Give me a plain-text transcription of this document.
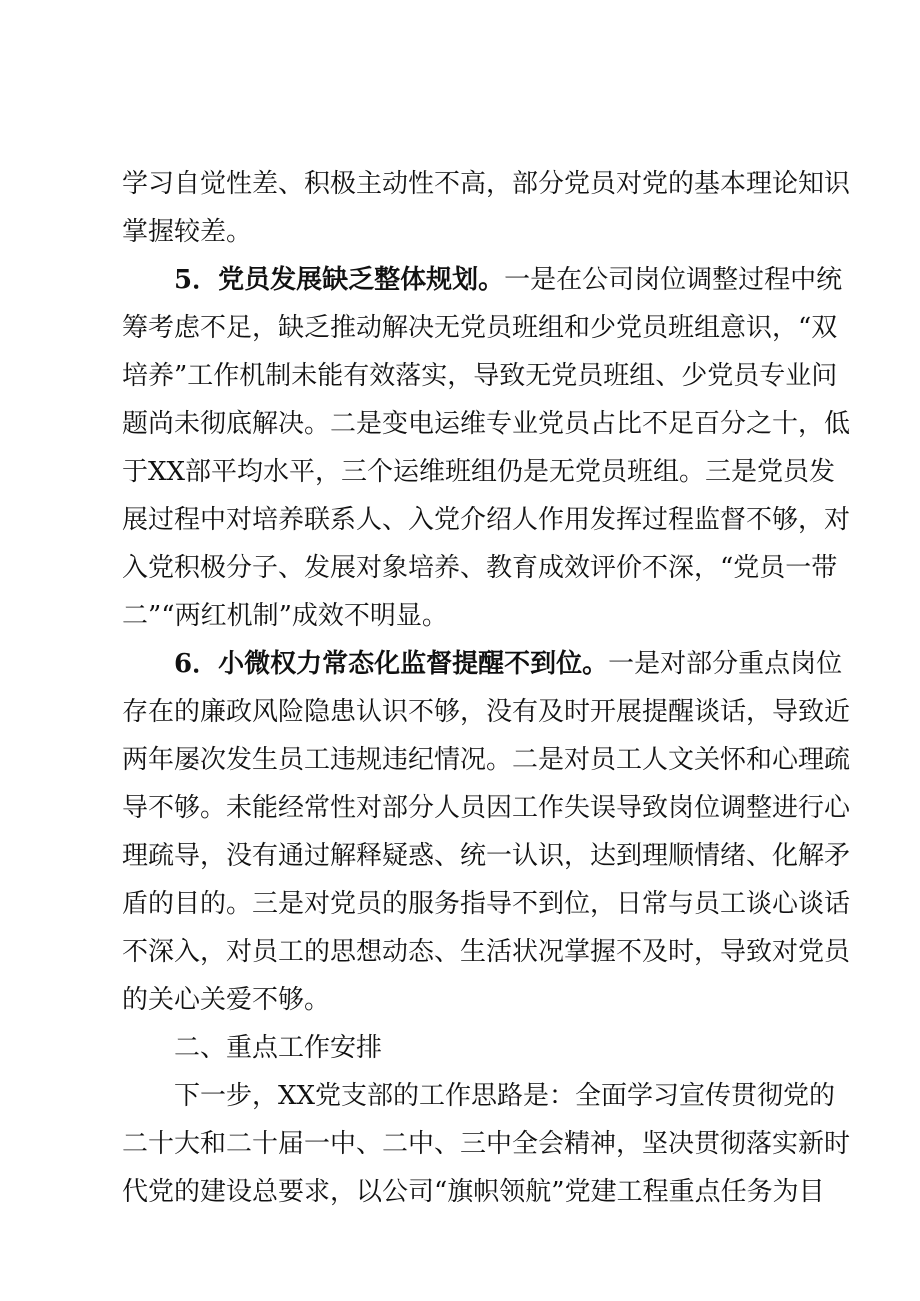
学习自觉性差、积极主动性不高，部分党员对党的基本理论知识
掌握较差。
5．党员发展缺乏整体规划。一是在公司岗位调整过程中统
筹考虑不足，缺乏推动解决无党员班组和少党员班组意识，“双
培养”工作机制未能有效落实，导致无党员班组、少党员专业问
题尚未彻底解决。二是变电运维专业党员占比不足百分之十，低
于XX部平均水平，三个运维班组仍是无党员班组。三是党员发
展过程中对培养联系人、入党介绍人作用发挥过程监督不够，对
入党积极分子、发展对象培养、教育成效评价不深，“党员一带
二”“两红机制”成效不明显。
6．小微权力常态化监督提醒不到位。一是对部分重点岗位
存在的廉政风险隐患认识不够，没有及时开展提醒谈话，导致近
两年屡次发生员工违规违纪情况。二是对员工人文关怀和心理疏
导不够。未能经常性对部分人员因工作失误导致岗位调整进行心
理疏导，没有通过解释疑惑、统一认识，达到理顺情绪、化解矛
盾的目的。三是对党员的服务指导不到位，日常与员工谈心谈话
不深入，对员工的思想动态、生活状况掌握不及时，导致对党员
的关心关爱不够。
二、重点工作安排
下一步，XX党支部的工作思路是：全面学习宣传贯彻党的
二十大和二十届一中、二中、三中全会精神，坚决贯彻落实新时
代党的建设总要求，以公司“旗帜领航”党建工程重点任务为目
